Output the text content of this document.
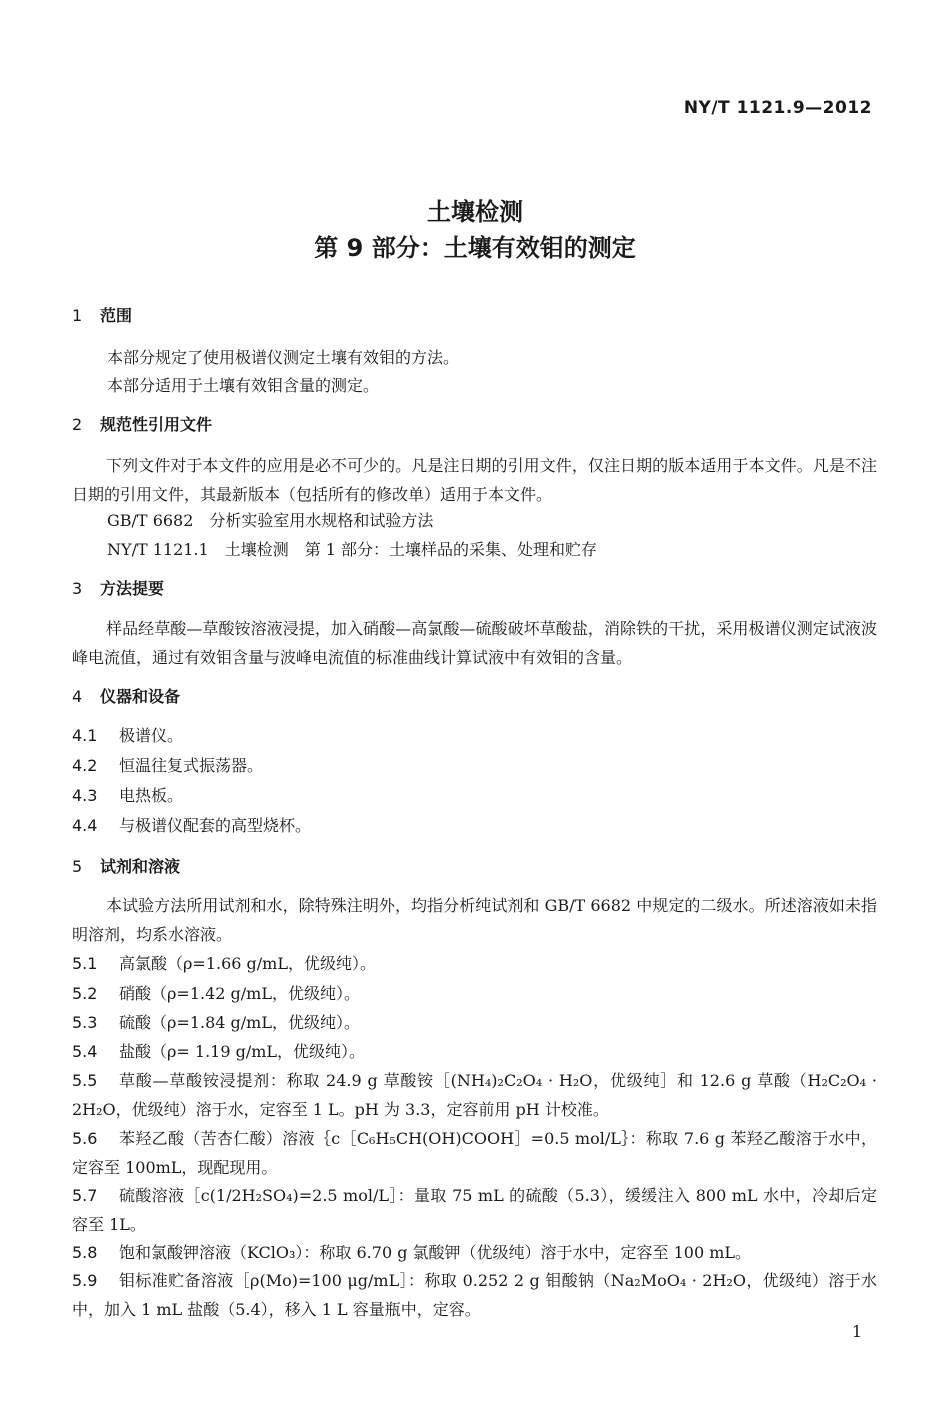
NY/T 1121.9—2012
土壤检测
第 9 部分：土壤有效钼的测定
1 范围
本部分规定了使用极谱仪测定土壤有效钼的方法。
本部分适用于土壤有效钼含量的测定。
2 规范性引用文件
下列文件对于本文件的应用是必不可少的。凡是注日期的引用文件，仅注日期的版本适用于本文件。凡是不注日期的引用文件，其最新版本（包括所有的修改单）适用于本文件。
GB/T 6682　分析实验室用水规格和试验方法
NY/T 1121.1　土壤检测　第 1 部分：土壤样品的采集、处理和贮存
3 方法提要
样品经草酸—草酸铵溶液浸提，加入硝酸—高氯酸—硫酸破坏草酸盐，消除铁的干扰，采用极谱仪测定试液波峰电流值，通过有效钼含量与波峰电流值的标准曲线计算试液中有效钼的含量。
4 仪器和设备
4.1	极谱仪。
4.2	恒温往复式振荡器。
4.3	电热板。
4.4	与极谱仪配套的高型烧杯。
5 试剂和溶液
本试验方法所用试剂和水，除特殊注明外，均指分析纯试剂和 GB/T 6682 中规定的二级水。所述溶液如未指明溶剂，均系水溶液。
5.1	高氯酸（ρ=1.66 g/mL，优级纯）。
5.2	硝酸（ρ=1.42 g/mL，优级纯）。
5.3	硫酸（ρ=1.84 g/mL，优级纯）。
5.4	盐酸（ρ= 1.19 g/mL，优级纯）。
5.5	草酸—草酸铵浸提剂：称取 24.9 g 草酸铵［(NH₄)₂C₂O₄ · H₂O，优级纯］和 12.6 g 草酸（H₂C₂O₄ · 2H₂O，优级纯）溶于水，定容至 1 L。pH 为 3.3，定容前用 pH 计校准。
5.6	苯羟乙酸（苦杏仁酸）溶液｛c［C₆H₅CH(OH)COOH］=0.5 mol/L｝：称取 7.6 g 苯羟乙酸溶于水中，定容至 100mL，现配现用。
5.7	硫酸溶液［c(1/2H₂SO₄)=2.5 mol/L］：量取 75 mL 的硫酸（5.3），缓缓注入 800 mL 水中，冷却后定容至 1L。
5.8	饱和氯酸钾溶液（KClO₃）：称取 6.70 g 氯酸钾（优级纯）溶于水中，定容至 100 mL。
5.9	钼标准贮备溶液［ρ(Mo)=100 μg/mL］：称取 0.252 2 g 钼酸钠（Na₂MoO₄ · 2H₂O，优级纯）溶于水中，加入 1 mL 盐酸（5.4），移入 1 L 容量瓶中，定容。
1
